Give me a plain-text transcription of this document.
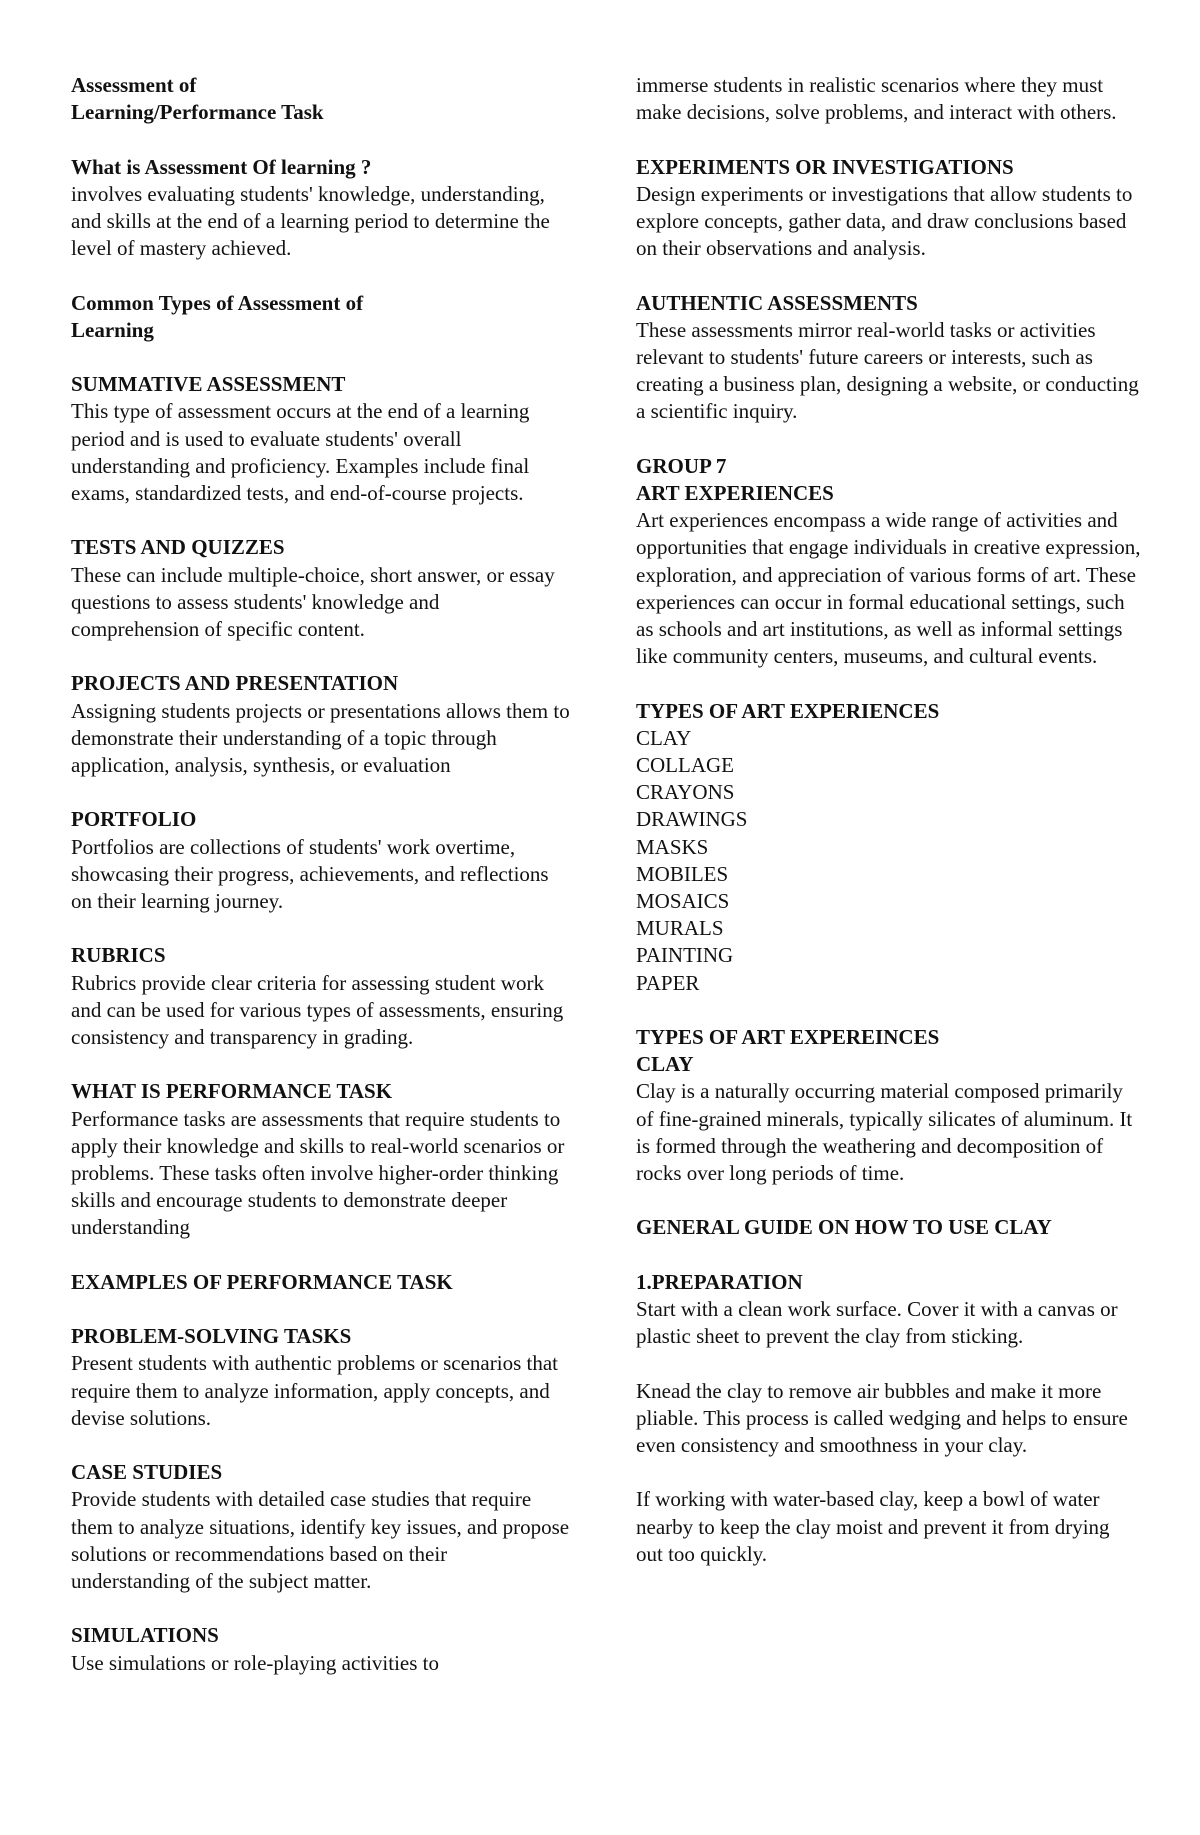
Assessment of
Learning/Performance Task

What is Assessment Of learning ?

involves evaluating students' knowledge, understanding, and skills at the end of a learning period to determine the level of mastery achieved.

Common Types of Assessment of
Learning

SUMMATIVE ASSESSMENT

This type of assessment occurs at the end of a learning period and is used to evaluate students' overall understanding and proficiency. Examples include final exams, standardized tests, and end-of-course projects.

TESTS AND QUIZZES

These can include multiple-choice, short answer, or essay questions to assess students' knowledge and comprehension of specific content.

PROJECTS AND PRESENTATION

Assigning students projects or presentations allows them to demonstrate their understanding of a topic through application, analysis, synthesis, or evaluation

PORTFOLIO

Portfolios are collections of students' work overtime, showcasing their progress, achievements, and reflections on their learning journey.

RUBRICS

Rubrics provide clear criteria for assessing student work and can be used for various types of assessments, ensuring consistency and transparency in grading.

WHAT IS PERFORMANCE TASK

Performance tasks are assessments that require students to apply their knowledge and skills to real-world scenarios or problems. These tasks often involve higher-order thinking skills and encourage students to demonstrate deeper understanding

EXAMPLES OF PERFORMANCE TASK

PROBLEM-SOLVING TASKS

Present students with authentic problems or scenarios that require them to analyze information, apply concepts, and devise solutions.

CASE STUDIES

Provide students with detailed case studies that require them to analyze situations, identify key issues, and propose solutions or recommendations based on their understanding of the subject matter.

SIMULATIONS

Use simulations or role-playing activities to

immerse students in realistic scenarios where they must make decisions, solve problems, and interact with others.

EXPERIMENTS OR INVESTIGATIONS

Design experiments or investigations that allow students to explore concepts, gather data, and draw conclusions based on their observations and analysis.

AUTHENTIC ASSESSMENTS

These assessments mirror real-world tasks or activities relevant to students' future careers or interests, such as creating a business plan, designing a website, or conducting a scientific inquiry.

GROUP 7

ART EXPERIENCES

Art experiences encompass a wide range of activities and opportunities that engage individuals in creative expression, exploration, and appreciation of various forms of art. These experiences can occur in formal educational settings, such as schools and art institutions, as well as informal settings like community centers, museums, and cultural events.

TYPES OF ART EXPERIENCES

CLAY
COLLAGE
CRAYONS
DRAWINGS
MASKS
MOBILES
MOSAICS
MURALS
PAINTING
PAPER

TYPES OF ART EXPEREINCES

CLAY

Clay is a naturally occurring material composed primarily of fine-grained minerals, typically silicates of aluminum. It is formed through the weathering and decomposition of rocks over long periods of time.

GENERAL GUIDE ON HOW TO USE CLAY

1.PREPARATION

Start with a clean work surface. Cover it with a canvas or plastic sheet to prevent the clay from sticking.

Knead the clay to remove air bubbles and make it more pliable. This process is called wedging and helps to ensure even consistency and smoothness in your clay.

If working with water-based clay, keep a bowl of water nearby to keep the clay moist and prevent it from drying out too quickly.
